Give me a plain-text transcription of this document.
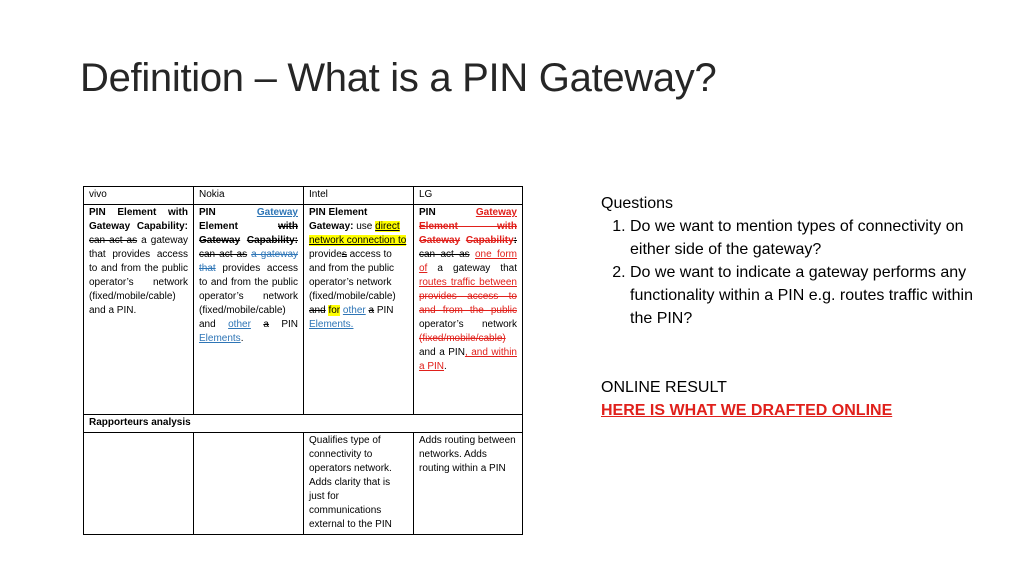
Definition – What is a PIN Gateway?
vivo	Nokia	Intel	LG
PIN Element with Gateway Capability: can act as a gateway that provides access to and from the public operator’s network (fixed/mobile/cable) and a PIN.	PIN Gateway Element with Gateway Capability: can act as a gateway that provides access to and from the public operator’s network (fixed/mobile/cable) and other a PIN Elements.	PIN Element Gateway: use direct network connection to provides access to and from the public operator’s network (fixed/mobile/cable) and for other a PIN Elements.	PIN Gateway Element with Gateway Capability: can act as one form of a gateway that routes traffic between provides access to and from the public operator’s network (fixed/mobile/cable) and a PIN, and within a PIN.
Rapporteurs analysis			
		Qualifies type of connectivity to operators network. Adds clarity that is just for communications external to the PIN	Adds routing between networks. Adds routing within a PIN
Questions
1. Do we want to mention types of connectivity on either side of the gateway?
2. Do we want to indicate a gateway performs any functionality within a PIN e.g. routes traffic within the PIN?
ONLINE RESULT
HERE IS WHAT WE DRAFTED ONLINE
